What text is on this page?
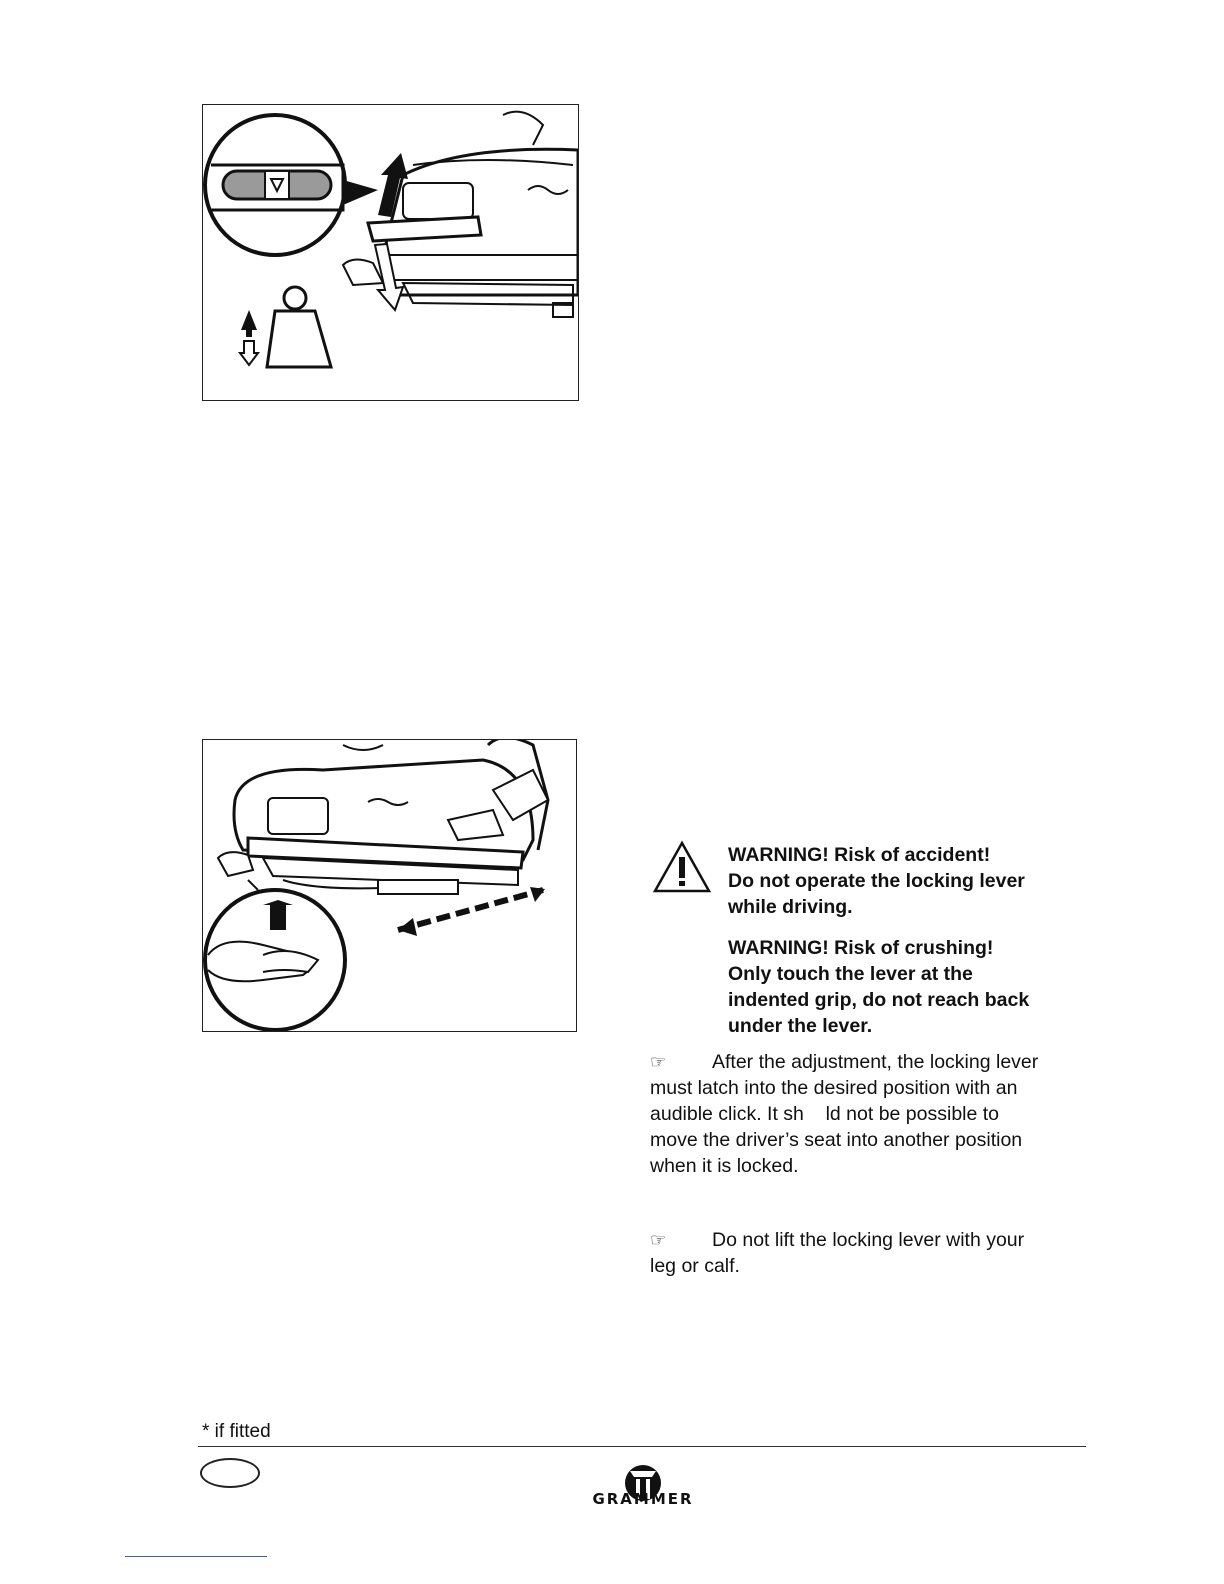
WARNING! Risk of accident!
Do not operate the locking lever
while driving.
WARNING! Risk of crushing!
Only touch the lever at the
indented grip, do not reach back
under the lever.
☞ After the adjustment, the locking lever
must latch into the desired position with an
audible click. It sh    ld not be possible to
move the driver’s seat into another position
when it is locked.
☞ Do not lift the locking lever with your
leg or calf.
* if fitted
GRAMMER
